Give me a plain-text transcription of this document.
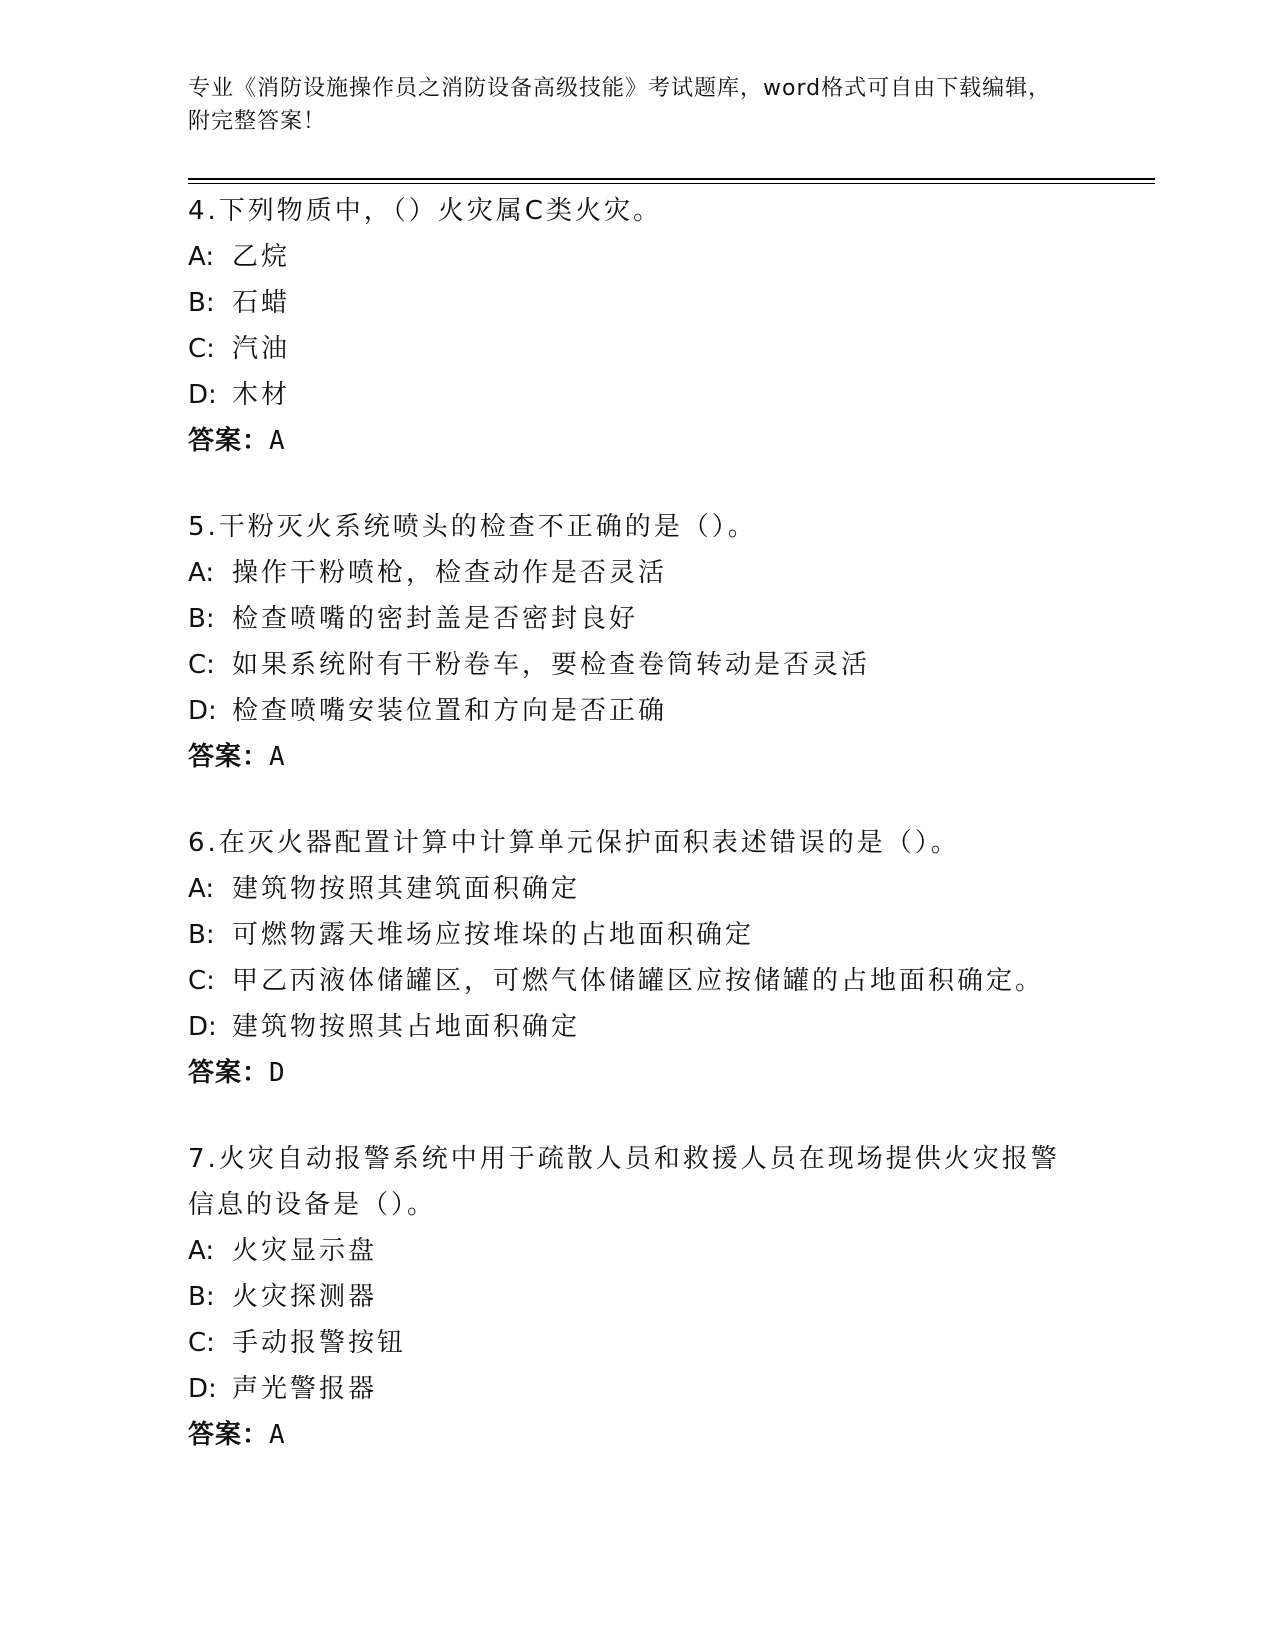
专业《消防设施操作员之消防设备高级技能》考试题库，word格式可自由下载编辑，附完整答案！

4.下列物质中，（）火灾属C类火灾。

A: 乙烷

B: 石蜡

C: 汽油

D: 木材

答案：A

5.干粉灭火系统喷头的检查不正确的是（）。

A: 操作干粉喷枪，检查动作是否灵活

B: 检查喷嘴的密封盖是否密封良好

C: 如果系统附有干粉卷车，要检查卷筒转动是否灵活

D: 检查喷嘴安装位置和方向是否正确

答案：A

6.在灭火器配置计算中计算单元保护面积表述错误的是（）。

A: 建筑物按照其建筑面积确定

B: 可燃物露天堆场应按堆垛的占地面积确定

C: 甲乙丙液体储罐区，可燃气体储罐区应按储罐的占地面积确定。

D: 建筑物按照其占地面积确定

答案：D

7.火灾自动报警系统中用于疏散人员和救援人员在现场提供火灾报警信息的设备是（）。

A: 火灾显示盘

B: 火灾探测器

C: 手动报警按钮

D: 声光警报器

答案：A
